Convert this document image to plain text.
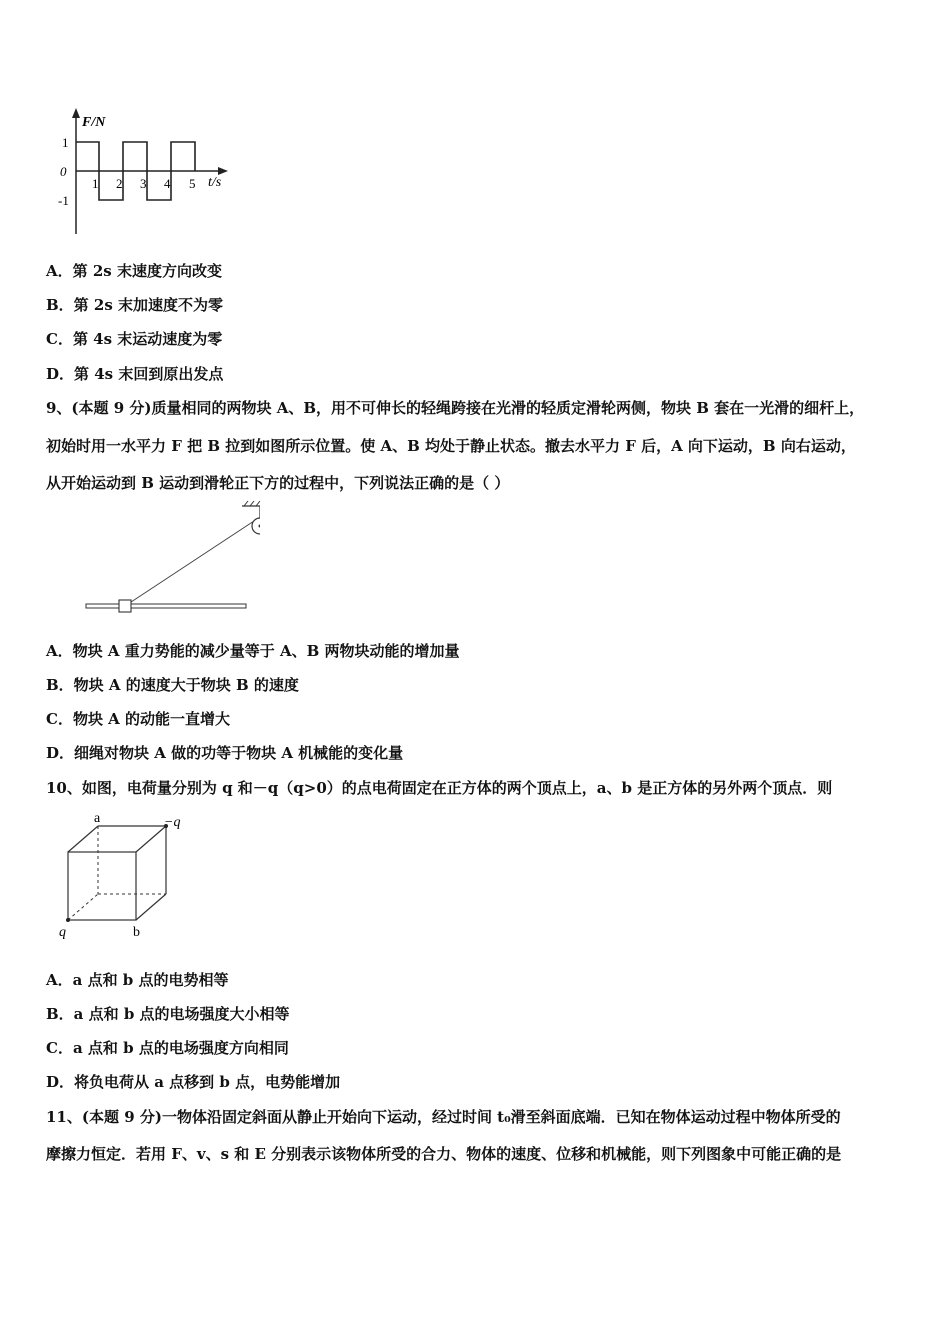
F/N
t/s
1
0
-1
1 2 3 4 5
A．第 2s 末速度方向改变
B．第 2s 末加速度不为零
C．第 4s 末运动速度为零
D．第 4s 末回到原出发点
9、(本题 9 分)质量相同的两物块 A、B，用不可伸长的轻绳跨接在光滑的轻质定滑轮两侧，物块 B 套在一光滑的细杆上，
初始时用一水平力 F 把 B 拉到如图所示位置。使 A、B 均处于静止状态。撤去水平力 F 后，A 向下运动，B 向右运动，
从开始运动到 B 运动到滑轮正下方的过程中，下列说法正确的是（ ）
A．物块 A 重力势能的减少量等于 A、B 两物块动能的增加量
B．物块 A 的速度大于物块 B 的速度
C．物块 A 的动能一直增大
D．细绳对物块 A 做的功等于物块 A 机械能的变化量
10、如图，电荷量分别为 q 和－q（q>0）的点电荷固定在正方体的两个顶点上，a、b 是正方体的另外两个顶点．则
a	−q
q	b
A．a 点和 b 点的电势相等
B．a 点和 b 点的电场强度大小相等
C．a 点和 b 点的电场强度方向相同
D．将负电荷从 a 点移到 b 点，电势能增加
11、(本题 9 分)一物体沿固定斜面从静止开始向下运动，经过时间 t₀滑至斜面底端．已知在物体运动过程中物体所受的
摩擦力恒定．若用 F、v、s 和 E 分别表示该物体所受的合力、物体的速度、位移和机械能，则下列图象中可能正确的是
